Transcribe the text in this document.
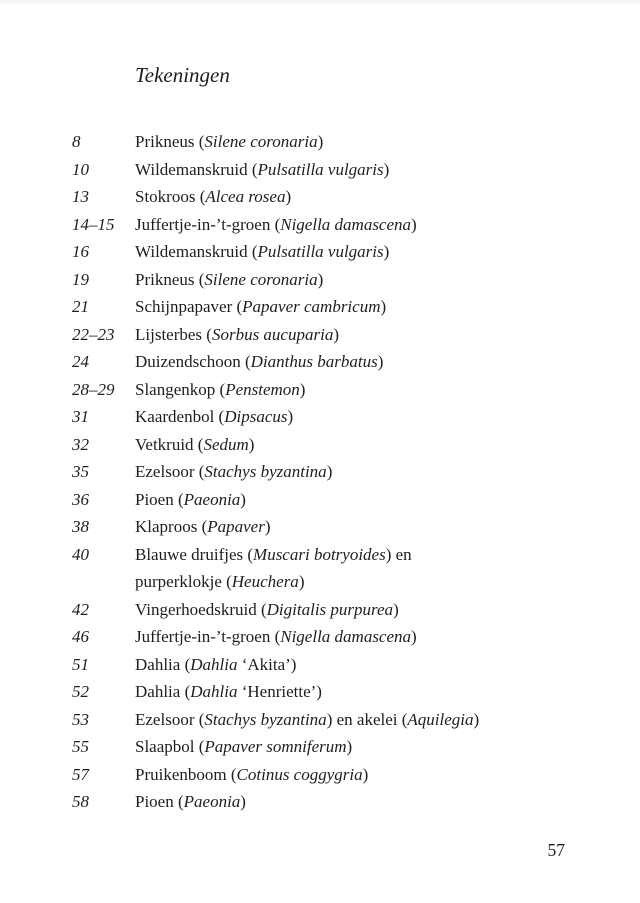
Tekeningen
8	Prikneus (Silene coronaria)
10	Wildemanskruid (Pulsatilla vulgaris)
13	Stokroos (Alcea rosea)
14–15	Juffertje-in-’t-groen (Nigella damascena)
16	Wildemanskruid (Pulsatilla vulgaris)
19	Prikneus (Silene coronaria)
21	Schijnpapaver (Papaver cambricum)
22–23	Lijsterbes (Sorbus aucuparia)
24	Duizendschoon (Dianthus barbatus)
28–29	Slangenkop (Penstemon)
31	Kaardenbol (Dipsacus)
32	Vetkruid (Sedum)
35	Ezelsoor (Stachys byzantina)
36	Pioen (Paeonia)
38	Klaproos (Papaver)
40	Blauwe druifjes (Muscari botryoides) en
purperklokje (Heuchera)
42	Vingerhoedskruid (Digitalis purpurea)
46	Juffertje-in-’t-groen (Nigella damascena)
51	Dahlia (Dahlia ‘Akita’)
52	Dahlia (Dahlia ‘Henriette’)
53	Ezelsoor (Stachys byzantina) en akelei (Aquilegia)
55	Slaapbol (Papaver somniferum)
57	Pruikenboom (Cotinus coggygria)
58	Pioen (Paeonia)
57
